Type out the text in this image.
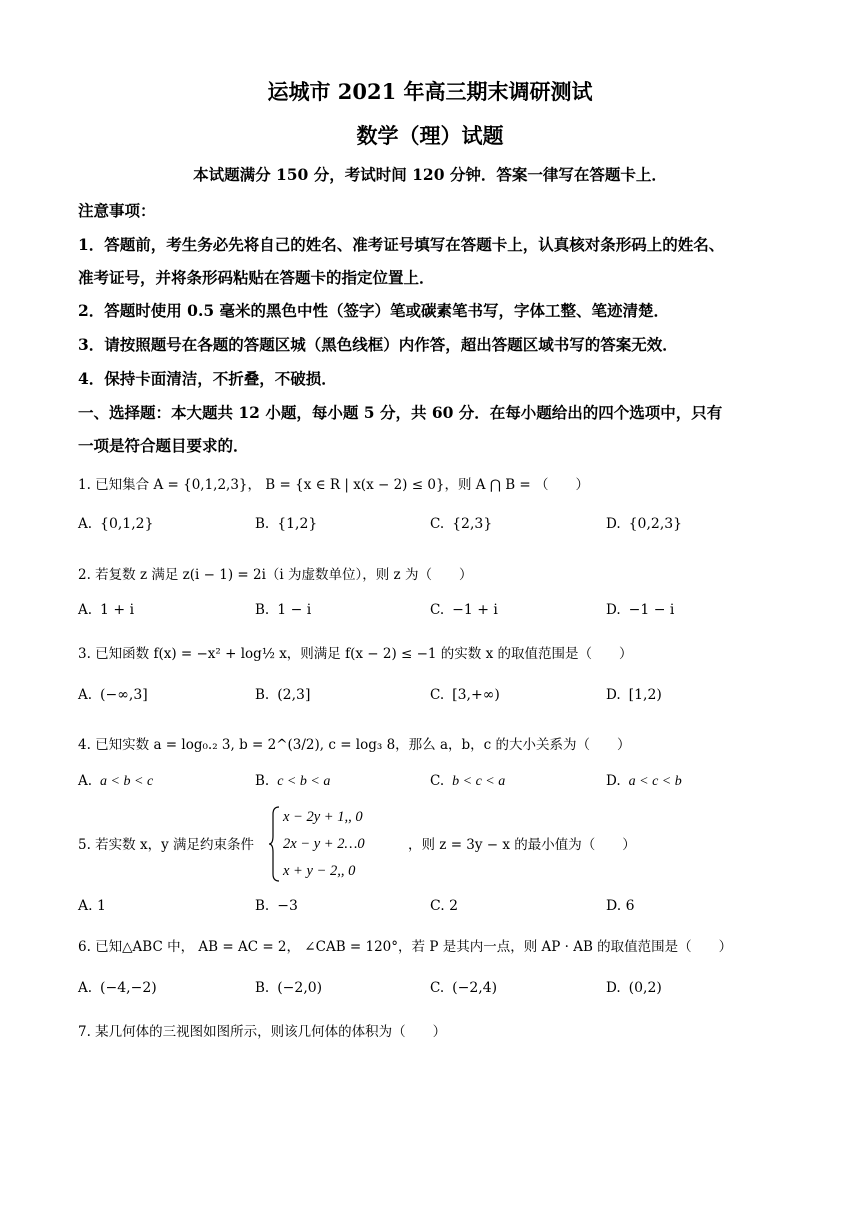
运城市 2021 年高三期末调研测试
数学（理）试题
本试题满分 150 分，考试时间 120 分钟．答案一律写在答题卡上．
注意事项：
1．答题前，考生务必先将自己的姓名、准考证号填写在答题卡上，认真核对条形码上的姓名、
准考证号，并将条形码粘贴在答题卡的指定位置上．
2．答题时使用 0.5 毫米的黑色中性（签字）笔或碳素笔书写，字体工整、笔迹清楚．
3．请按照题号在各题的答题区城（黑色线框）内作答，超出答题区域书写的答案无效．
4．保持卡面清洁，不折叠，不破损．
一、选择题：本大题共 12 小题，每小题 5 分，共 60 分．在每小题给出的四个选项中，只有
一项是符合题目要求的．
1. 已知集合 A = {0,1,2,3}， B = {x ∈ R | x(x − 2) ≤ 0}，则 A ⋂ B = （　　）
A. {0,1,2}	B. {1,2}	C. {2,3}	D. {0,2,3}
2. 若复数 z 满足 z(i − 1) = 2i（i 为虚数单位），则 z 为（　　）
A. 1 + i	B. 1 − i	C. −1 + i	D. −1 − i
3. 已知函数 f(x) = −x² + log½ x，则满足 f(x − 2) ≤ −1 的实数 x 的取值范围是（　　）
A. (−∞,3]	B. (2,3]	C. [3,+∞)	D. [1,2)
4. 已知实数 a = log₀.₂ 3, b = 2^(3/2), c = log₃ 8，那么 a，b，c 的大小关系为（　　）
A. a < b < c	B. c < b < a	C. b < c < a	D. a < c < b
5. 若实数 x，y 满足约束条件
x − 2y + 1,, 0
2x − y + 2…0
x + y − 2,, 0
，则 z = 3y − x 的最小值为（　　）
A. 1	B. −3	C. 2	D. 6
6. 已知△ABC 中， AB = AC = 2， ∠CAB = 120°，若 P 是其内一点，则 AP · AB 的取值范围是（　　）
A. (−4,−2)	B. (−2,0)	C. (−2,4)	D. (0,2)
7. 某几何体的三视图如图所示，则该几何体的体积为（　　）
